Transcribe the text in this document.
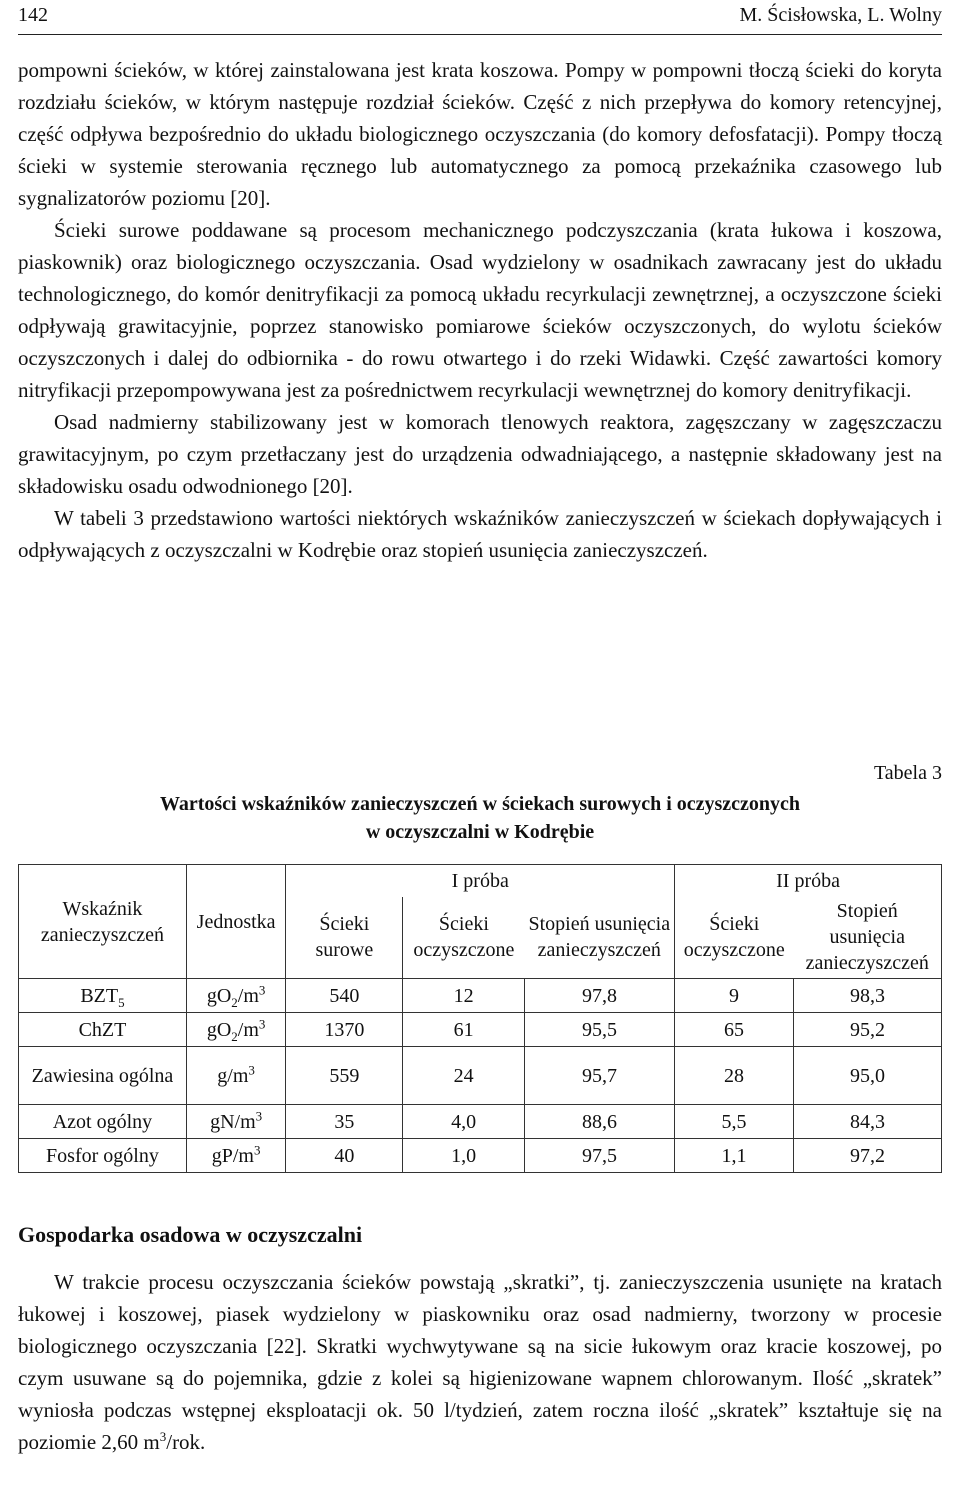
142	M. Ścisłowska, L. Wolny

pompowni ścieków, w której zainstalowana jest krata koszowa. Pompy w pompowni tłoczą ścieki do koryta rozdziału ścieków, w którym następuje rozdział ścieków. Część z nich przepływa do komory retencyjnej, część odpływa bezpośrednio do układu biologicznego oczyszczania (do komory defosfatacji). Pompy tłoczą ścieki w systemie sterowania ręcznego lub automatycznego za pomocą przekaźnika czasowego lub sygnalizatorów poziomu [20].

Ścieki surowe poddawane są procesom mechanicznego podczyszczania (krata łukowa i koszowa, piaskownik) oraz biologicznego oczyszczania. Osad wydzielony w osadnikach zawracany jest do układu technologicznego, do komór denitryfikacji za pomocą układu recyrkulacji zewnętrznej, a oczyszczone ścieki odpływają grawitacyjnie, poprzez stanowisko pomiarowe ścieków oczyszczonych, do wylotu ścieków oczyszczonych i dalej do odbiornika - do rowu otwartego i do rzeki Widawki. Część zawartości komory nitryfikacji przepompowywana jest za pośrednictwem recyrkulacji wewnętrznej do komory denitryfikacji.

Osad nadmierny stabilizowany jest w komorach tlenowych reaktora, zagęszczany w zagęszczaczu grawitacyjnym, po czym przetłaczany jest do urządzenia odwadniającego, a następnie składowany jest na składowisku osadu odwodnionego [20].

W tabeli 3 przedstawiono wartości niektórych wskaźników zanieczyszczeń w ściekach dopływających i odpływających z oczyszczalni w Kodrębie oraz stopień usunięcia zanieczyszczeń.

Tabela 3
Wartości wskaźników zanieczyszczeń w ściekach surowych i oczyszczonych
w oczyszczalni w Kodrębie
Wskaźnik zanieczyszczeń	Jednostka	I próba			II próba	
		Ścieki surowe	Ścieki oczyszczone	Stopień usunięcia zanieczyszczeń	Ścieki oczyszczone	Stopień usunięcia zanieczyszczeń
$BZT_5$	$gO_2/m^3$	540	12	97,8	9	98,3
ChZT	$gO_2/m^3$	1370	61	95,5	65	95,2
Zawiesina ogólna	$g/m^3$	559	24	95,7	28	95,0
Azot ogólny	$gN/m^3$	35	4,0	88,6	5,5	84,3
Fosfor ogólny	$gP/m^3$	40	1,0	97,5	1,1	97,2
Gospodarka osadowa w oczyszczalni

W trakcie procesu oczyszczania ścieków powstają „skratki”, tj. zanieczyszczenia usunięte na kratach łukowej i koszowej, piasek wydzielony w piaskowniku oraz osad nadmierny, tworzony w procesie biologicznego oczyszczania [22]. Skratki wychwytywane są na sicie łukowym oraz kracie koszowej, po czym usuwane są do pojemnika, gdzie z kolei są higienizowane wapnem chlorowanym. Ilość „skratek” wyniosła podczas wstępnej eksploatacji ok. 50 l/tydzień, zatem roczna ilość „skratek” kształtuje się na poziomie 2,60 $m^3$/rok.
